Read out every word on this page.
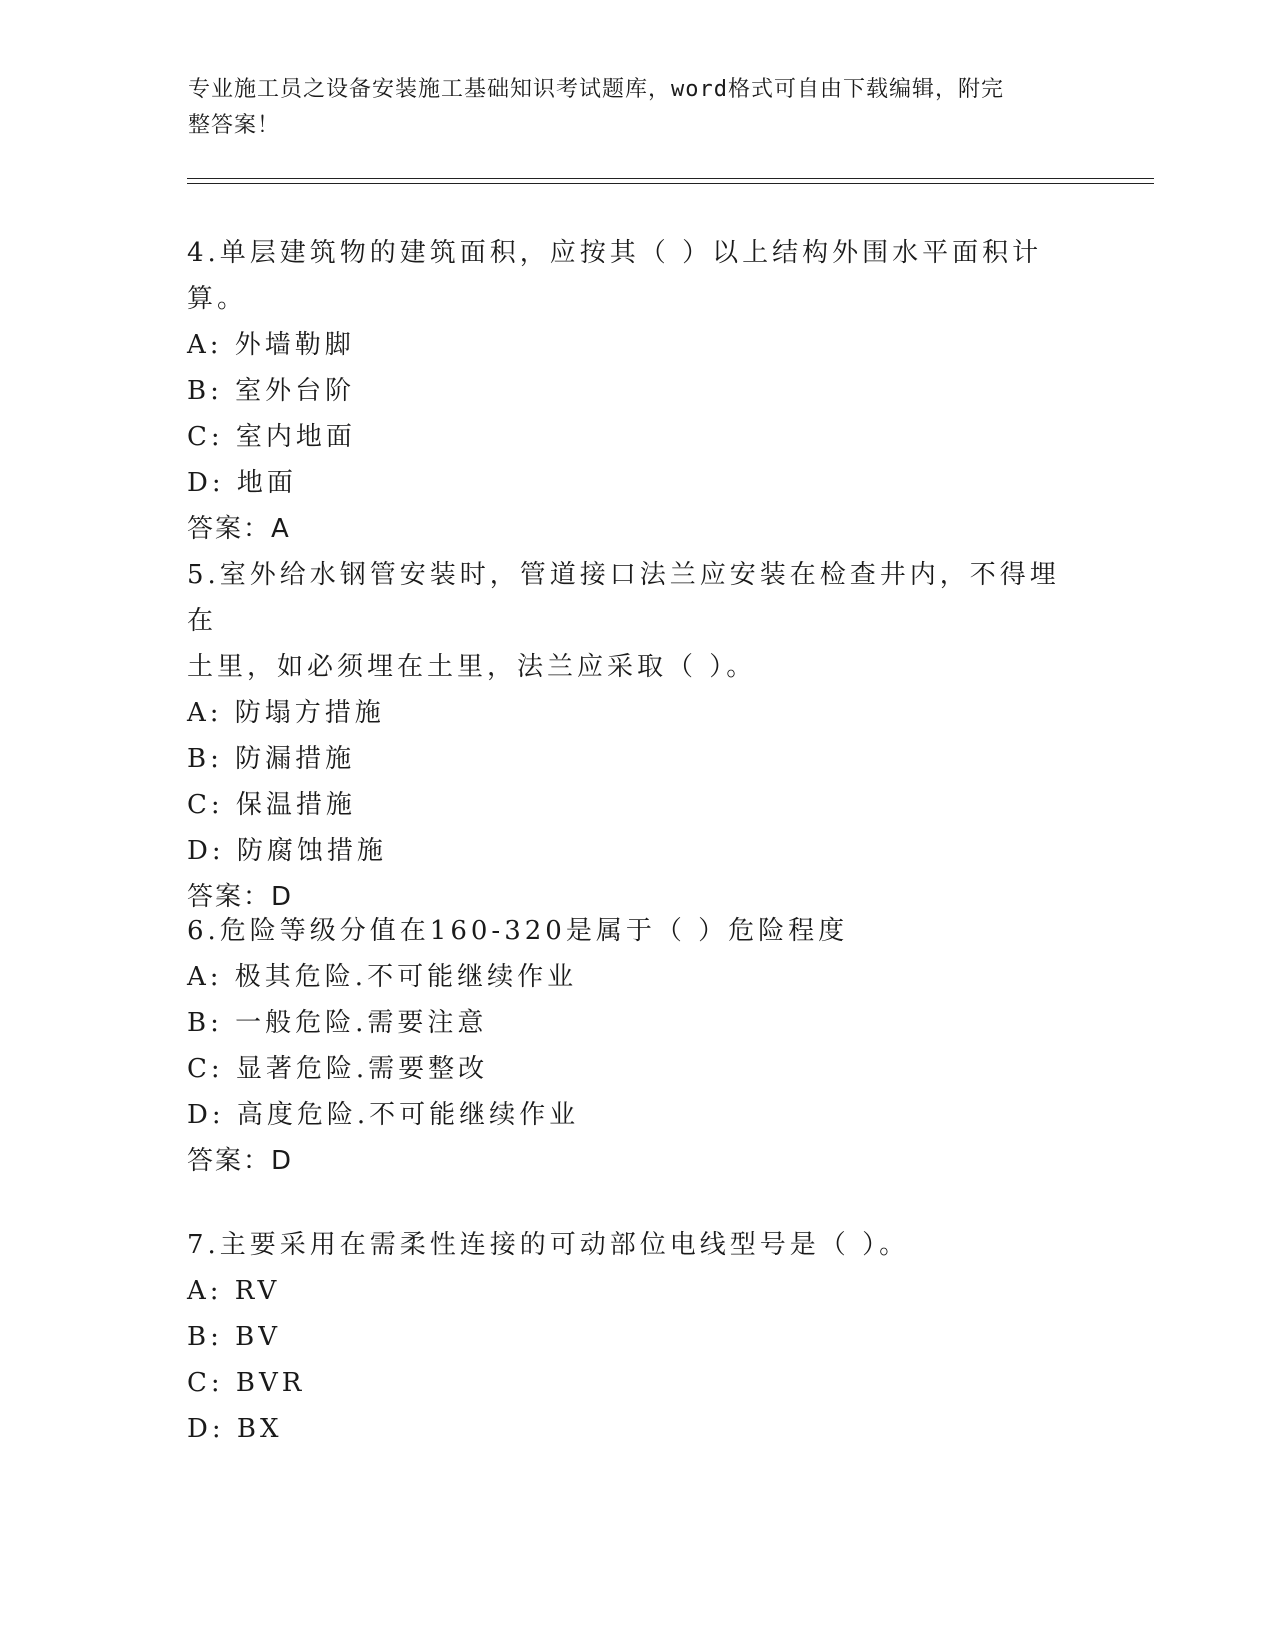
专业施工员之设备安装施工基础知识考试题库，word格式可自由下载编辑，附完
整答案！

4.单层建筑物的建筑面积，应按其（ ）以上结构外围水平面积计算。

A: 外墙勒脚

B: 室外台阶

C: 室内地面

D: 地面

答案：A

5.室外给水钢管安装时，管道接口法兰应安装在检查井内，不得埋在

土里，如必须埋在土里，法兰应采取（ ）。

A: 防塌方措施

B: 防漏措施

C: 保温措施

D: 防腐蚀措施

答案：D

6.危险等级分值在160-320是属于（ ）危险程度

A: 极其危险.不可能继续作业

B: 一般危险.需要注意

C: 显著危险.需要整改

D: 高度危险.不可能继续作业

答案：D

7.主要采用在需柔性连接的可动部位电线型号是（ ）。

A: RV

B: BV

C: BVR

D: BX
